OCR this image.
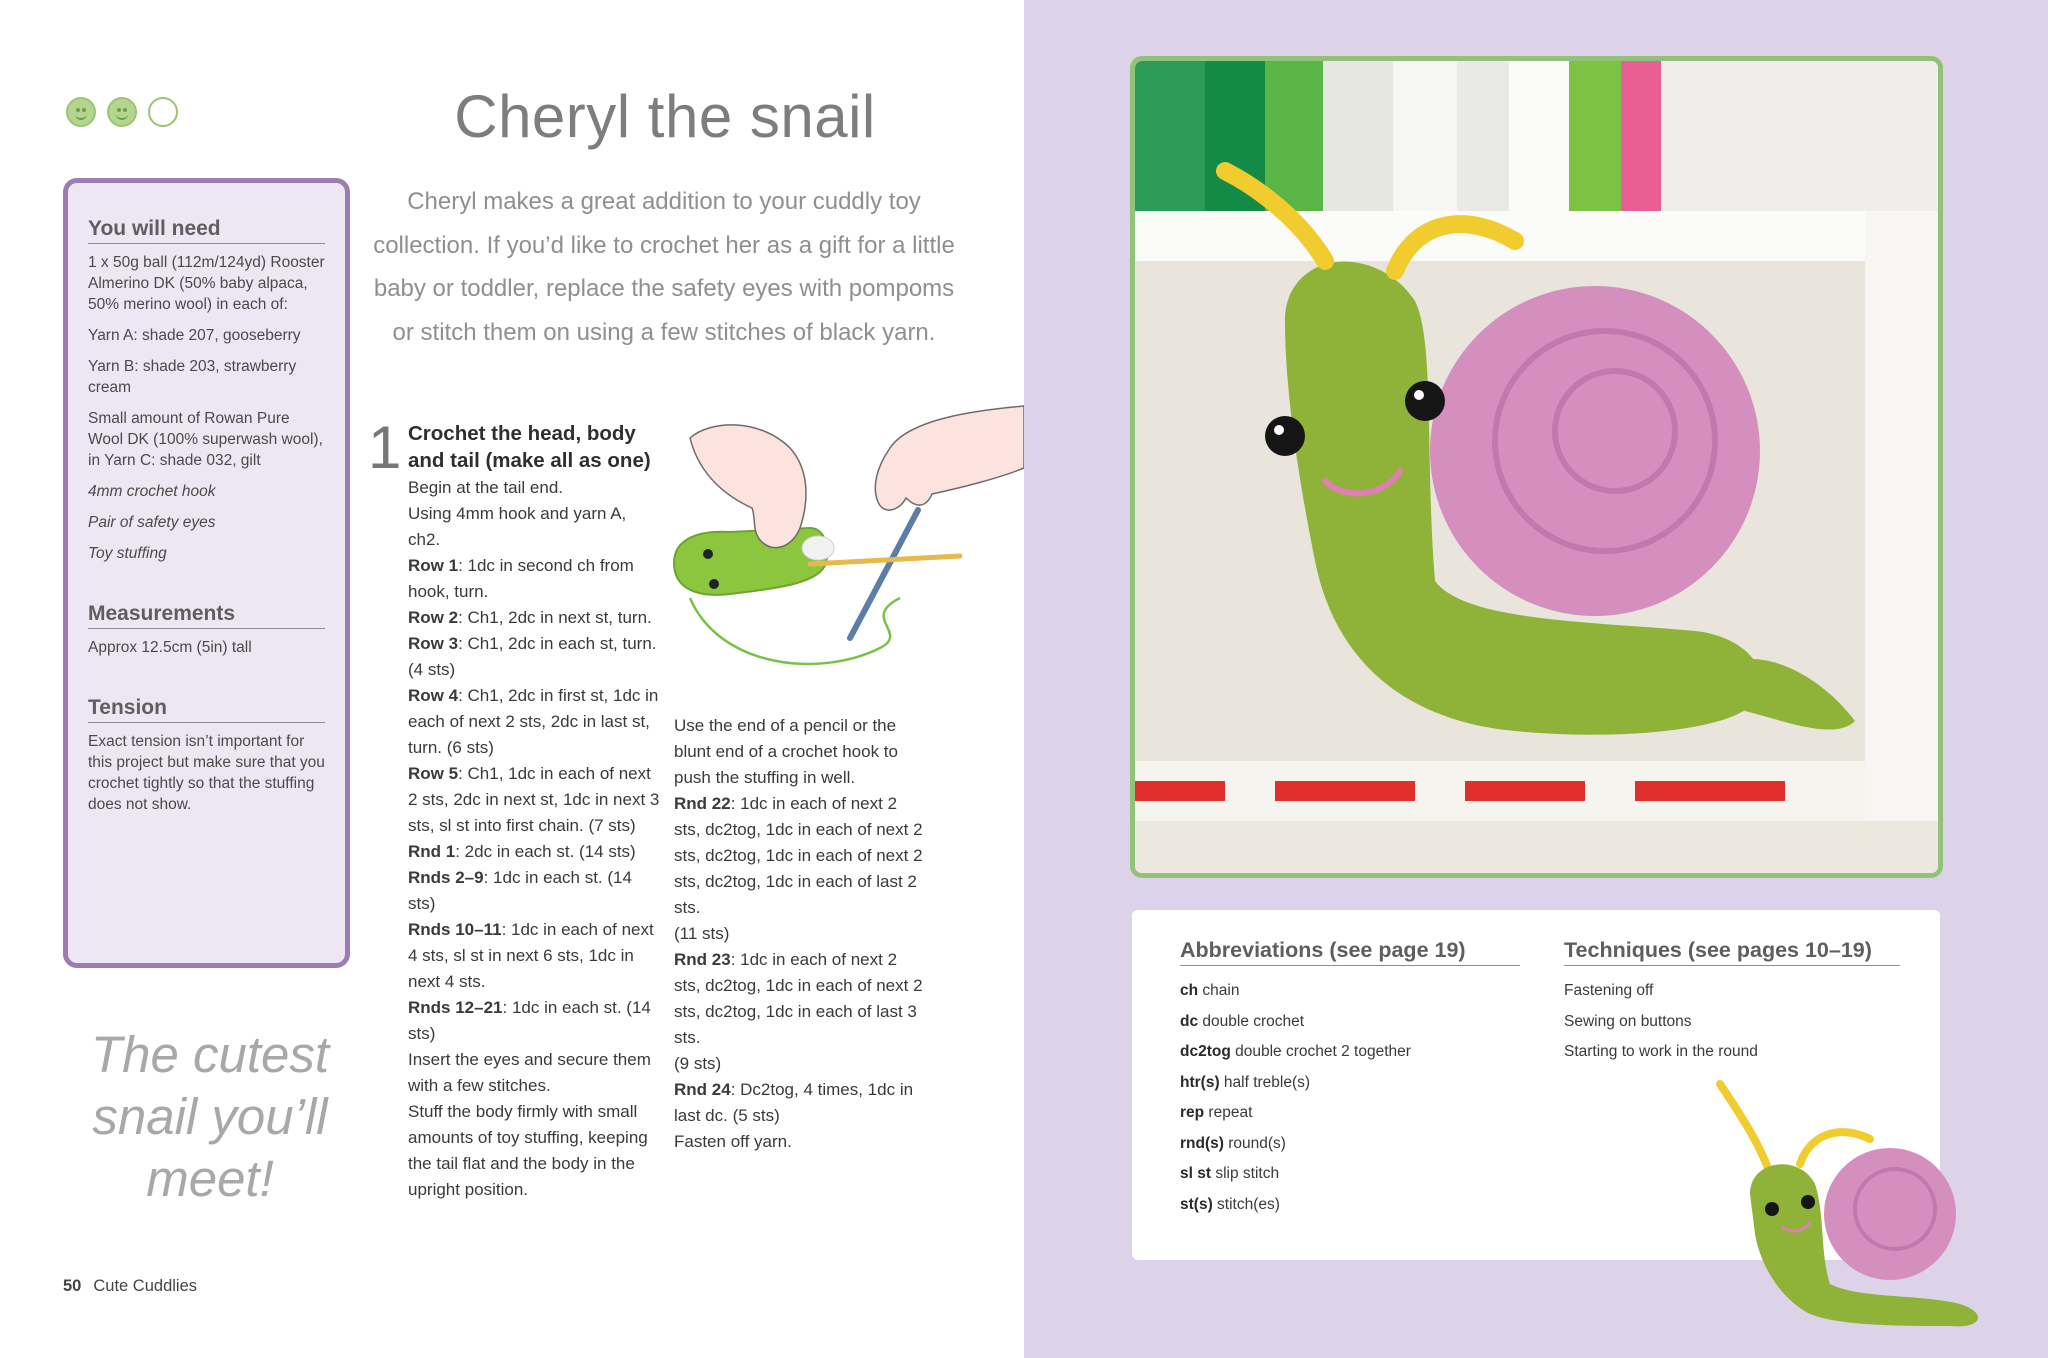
Cheryl the snail

Cheryl makes a great addition to your cuddly toy collection. If you’d like to crochet her as a gift for a little baby or toddler, replace the safety eyes with pompoms or stitch them on using a few stitches of black yarn.

You will need

1 x 50g ball (112m/124yd) Rooster Almerino DK (50% baby alpaca, 50% merino wool) in each of:

Yarn A: shade 207, gooseberry

Yarn B: shade 203, strawberry cream

Small amount of Rowan Pure Wool DK (100% superwash wool), in Yarn C: shade 032, gilt

4mm crochet hook

Pair of safety eyes

Toy stuffing

Measurements

Approx 12.5cm (5in) tall

Tension

Exact tension isn’t important for this project but make sure that you crochet tightly so that the stuffing does not show.

The cutest snail you’ll meet!

50 Cute Cuddlies
1 Crochet the head, body and tail (make all as one)

Begin at the tail end.

Using 4mm hook and yarn A, ch2.

Row 1: 1dc in second ch from hook, turn.

Row 2: Ch1, 2dc in next st, turn.

Row 3: Ch1, 2dc in each st, turn. (4 sts)

Row 4: Ch1, 2dc in first st, 1dc in each of next 2 sts, 2dc in last st, turn. (6 sts)

Row 5: Ch1, 1dc in each of next 2 sts, 2dc in next st, 1dc in next 3 sts, sl st into first chain. (7 sts)

Rnd 1: 2dc in each st. (14 sts)

Rnds 2–9: 1dc in each st. (14 sts)

Rnds 10–11: 1dc in each of next 4 sts, sl st in next 6 sts, 1dc in next 4 sts.

Rnds 12–21: 1dc in each st. (14 sts)

Insert the eyes and secure them with a few stitches.

Stuff the body firmly with small amounts of toy stuffing, keeping the tail flat and the body in the upright position.

Use the end of a pencil or the blunt end of a crochet hook to push the stuffing in well.

Rnd 22: 1dc in each of next 2 sts, dc2tog, 1dc in each of next 2 sts, dc2tog, 1dc in each of next 2 sts, dc2tog, 1dc in each of last 2 sts.

(11 sts)

Rnd 23: 1dc in each of next 2 sts, dc2tog, 1dc in each of next 2 sts, dc2tog, 1dc in each of last 3 sts.

(9 sts)

Rnd 24: Dc2tog, 4 times, 1dc in last dc. (5 sts)

Fasten off yarn.

Abbreviations (see page 19)
ch chain
dc double crochet
dc2tog double crochet 2 together
htr(s) half treble(s)
rep repeat
rnd(s) round(s)
sl st slip stitch
st(s) stitch(es)
Techniques (see pages 10–19)
Fastening off
Sewing on buttons
Starting to work in the round
